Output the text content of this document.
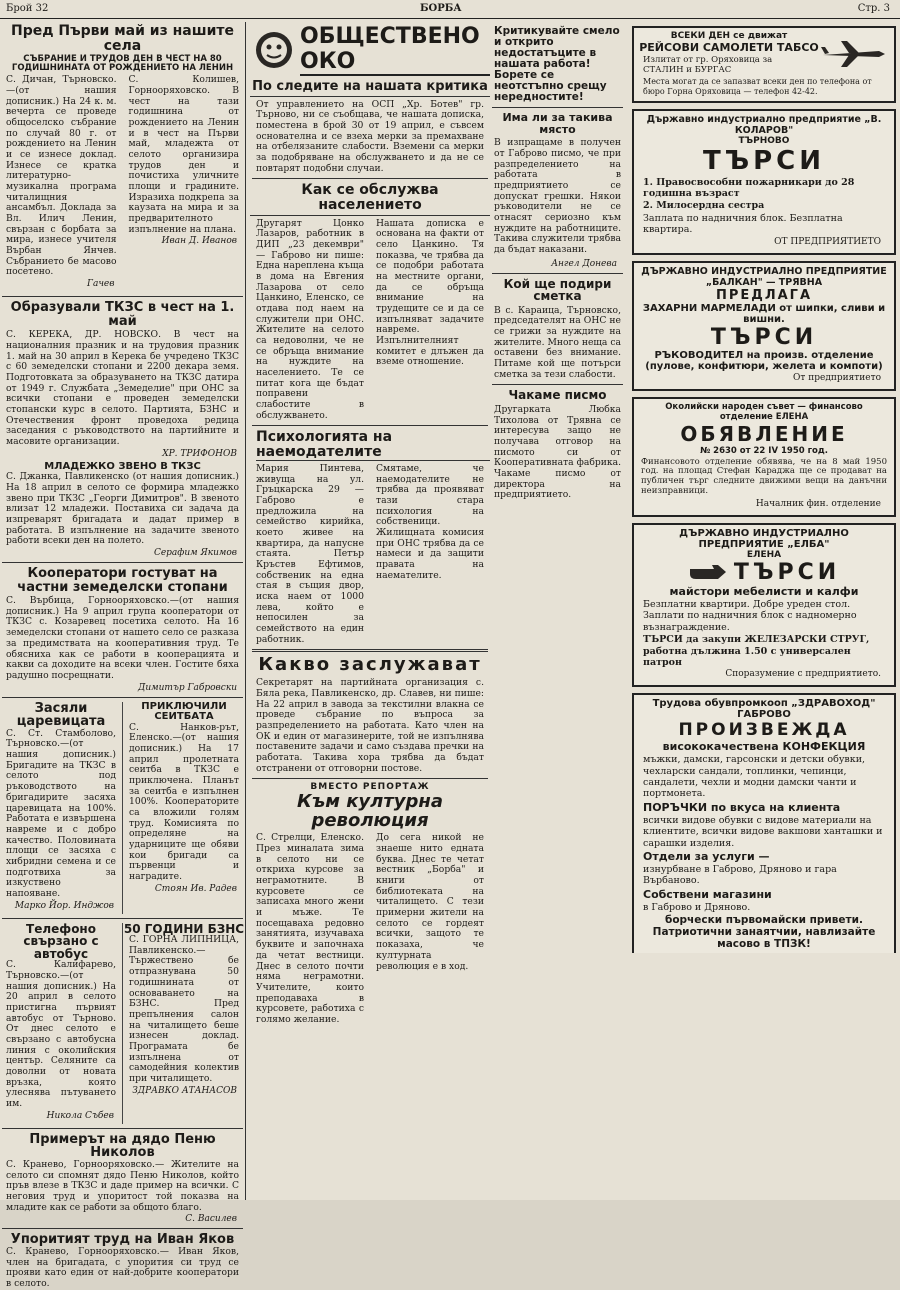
Брой 32	БОРБА	Стр. 3
Пред Първи май из нашите села
СЪБРАНИЕ И ТРУДОВ ДЕН В ЧЕСТ НА 80 ГОДИШНИНАТА ОТ РОЖДЕНИЕТО НА ЛЕНИН
С. Дичан, Търновско.—(от нашия дописник.) На 24 к. м. вечерта се проведе общоселско събрание по случай 80 г. от рождението на Ленин и се изнесе доклад. Изнесе се кратка литературно-музикална програма читалищния ансамбъл. Доклада за Вл. Илич Ленин, свързан с борбата за мира, изнесе учителя Върбан Янчев. Събранието бе масово посетено.
Гачев
С. Колишев, Горнооряховско. В чест на тази годишнина от рождението на Ленин и в чест на Първи май, младежта от селото организира трудов ден и почистиха уличните площи и градините. Изразиха подкрепа за каузата на мира и за предварителното изпълнение на плана.
Иван Д. Иванов
Образували ТКЗС в чест на 1. май
С. КЕРЕКА, ДР. НОВСКО. В чест на националния празник и на трудовия празник 1. май на 30 април в Керека бе учредено ТКЗС с 60 земеделски стопани и 2200 декара земя. Подготовката за образуването на ТКЗС датира от 1949 г. Службата „Земеделие" при ОНС за всички стопани е проведен земеделски стопански курс в селото. Партията, БЗНС и Отечествения фронт проведоха редица заседания с ръководството на партийните и масовите организации.
ХР. ТРИФОНОВ
МЛАДЕЖКО ЗВЕНО В ТКЗС
С. Джанка, Павликенско (от нашия дописник.) На 18 април в селото се формира младежко звено при ТКЗС „Георги Димитров". В звеното влизат 12 младежи. Поставиха си задача да изпреварят бригадата и дадат пример в работата. В изпълнение на задачите звеното работи всеки ден на полето.
Серафим Якимов
Кооператори гостуват на частни земеделски стопани
С. Върбица, Горнооряховско.—(от нашия дописник.) На 9 април група кооператори от ТКЗС с. Козаревец посетиха селото. На 16 земеделски стопани от нашето село се разказа за предимствата на кооперативния труд. Те обясниха как се работи в кооперацията и какви са доходите на всеки член. Гостите бяха радушно посрещнати.
Димитър Габровски
Засяли царевицата
С. Ст. Стамболово, Търновско.—(от нашия дописник.) Бригадите на ТКЗС в селото под ръководството на бригадирите засяха царевицата на 100%. Работата е извършена навреме и с добро качество. Половината площи се засяха с хибридни семена и се подготвиха за изкуствено напояване.
Марко Йор. Инджов
ПРИКЛЮЧИЛИ СЕИТБАТА
С. Нанков-рът, Еленско.—(от нашия дописник.) На 17 април пролетната сеитба в ТКЗС е приключена. Планът за сеитба е изпълнен 100%. Кооператорите са вложили голям труд. Комисията по определяне на ударниците ще обяви кои бригади са първенци и наградите.
Стоян Ив. Радев
Телефоно свързано с автобус
С. Калифарево, Търновско.—(от нашия дописник.) На 20 април в селото пристигна първият автобус от Търново. От днес селото е свързано с автобусна линия с околийския център. Селяните са доволни от новата връзка, която улеснява пътуването им.
Никола Събев
50 ГОДИНИ БЗНС
С. ГОРНА ЛИПНИЦА, Павликенско.— Тържествено бе отпразнувана 50 годишнината от основаването на БЗНС. Пред препълнения салон на читалището беше изнесен доклад. Програмата бе изпълнена от самодейния колектив при читалището.
ЗДРАВКО АТАНАСОВ
Примерът на дядо Пеню Николов
С. Кранево, Горнооряховско.— Жителите на селото си спомнят дядо Пеню Николов, който пръв влезе в ТКЗС и даде пример на всички. С неговия труд и упоритост той показва на младите как се работи за общото благо.
С. Василев
Упоритият труд на Иван Яков
С. Кранево, Горнооряховско.— Иван Яков, член на бригадата, с упорития си труд се прояви като един от най-добрите кооператори в селото.
ОБЩЕСТВЕНО ОКО
По следите на нашата критика
От управлението на ОСП „Хр. Ботев" гр. Търново, ни се съобщава, че нашата дописка, поместена в брой 30 от 19 април, е съвсем основателна и се взеха мерки за премахване на отбелязаните слабости. Вземени са мерки за подобряване на обслужването и да не се повтарят подобни случаи.
Как се обслужва населението
Другарят Цонко Лазаров, работник в ДИП „23 декември" — Габрово ни пише: Една нареплена къща в дома на Евгения Лазарова от село Цанкино, Еленско, се отдава под наем на служители при ОНС. Жителите на селото са недоволни, че не се обръща внимание на нуждите на населението. Те се питат кога ще бъдат поправени слабостите в обслужването.
Нашата дописка е основана на факти от село Цанкино. Тя показва, че трябва да се подобри работата на местните органи, да се обръща внимание на трудещите се и да се изпълняват задачите навреме. Изпълнителният комитет е длъжен да вземе отношение.
Психологията на наемодателите
Мария Пинтева, живуща на ул. Гръцкарска 29 — Габрово е предложила на семейство кирийка, което живее на квартира, да напусне стаята. Петър Кръстев Ефтимов, собственик на една стая в същия двор, иска наем от 1000 лева, който е непосилен за семейството на един работник.
Смятаме, че наемодателите не трябва да проявяват тази стара психология на собственици. Жилищната комисия при ОНС трябва да се намеси и да защити правата на наемателите.
Какво заслужават
Секретарят на партийната организация с. Бяла река, Павликенско, др. Славев, ни пише: На 22 април в завода за текстилни влакна се проведе събрание по въпроса за разпределението на работата. Като член на ОК и един от магазинерите, той не изпълнява поставените задачи и само създава пречки на работата. Такива хора трябва да бъдат отстранени от отговорни постове.
ВМЕСТО РЕПОРТАЖ
Към културна революция
С. Стрелци, Еленско. През миналата зима в селото ни се откриха курсове за неграмотните. В курсовете се записаха много жени и мъже. Те посещаваха редовно занятията, изучаваха буквите и започнаха да четат вестници. Днес в селото почти няма неграмотни. Учителите, които преподаваха в курсовете, работиха с голямо желание.
До сега никой не знаеше нито едната буква. Днес те четат вестник „Борба" и книги от библиотеката на читалището. С тези примерни жители на селото се гордеят всички, защото те показаха, че културната революция е в ход.
Критикувайте смело и открито недостатъците в нашата работа! Борете се неотстъпно срещу нередностите!
Има ли за такива място
В изпращаме в получен от Габрово писмо, че при разпределението на работата в предприятието се допускат грешки. Някои ръководители не се отнасят сериозно към нуждите на работниците. Такива служители трябва да бъдат наказани.
Ангел Донева
Кой ще подири сметка
В с. Караица, Търновско, председателят на ОНС не се грижи за нуждите на жителите. Много неща са оставени без внимание. Питаме кой ще потърси сметка за тези слабости.
Чакаме писмо
Другарката Любка Тихолова от Трявна се интересува защо не получава отговор на писмото си от Кооперативната фабрика. Чакаме писмо от директора на предприятието.
ВСЕКИ ДЕН се движат
РЕЙСОВИ САМОЛЕТИ ТАБСО
Излитат от гр. Оряховица за СТАЛИН и БУРГАС
Места могат да се запазват всеки ден по телефона от бюро Горна Оряховица — телефон 42-42.
Държавно индустриално предприятие „В. КОЛАРОВ"
ТЪРНОВО
ТЪРСИ
1. Правосвособни пожарникари до 28 годишна възраст
2. Милосердна сестра
Заплата по надничния блок. Безплатна квартира.
ОТ ПРЕДПРИЯТИЕТО
ДЪРЖАВНО ИНДУСТРИАЛНО ПРЕДПРИЯТИЕ „БАЛКАН" — ТРЯВНА
ПРЕДЛАГА
ЗАХАРНИ МАРМЕЛАДИ от шипки, сливи и вишни.
ТЪРСИ
РЪКОВОДИТЕЛ на произв. отделение (пулове, конфитюри, желета и компоти)
От предприятието
Околийски народен съвет — финансово отделение ЕЛЕНА
ОБЯВЛЕНИЕ
№ 2630 от 22 IV 1950 год.
Финансовото отделение обявява, че на 8 май 1950 год. на площад Стефан Караджа ще се продават на публичен търг следните движими вещи на данъчни неизправници.
Началник фин. отделение
ДЪРЖАВНО ИНДУСТРИАЛНО ПРЕДПРИЯТИЕ „ЕЛБА"
ЕЛЕНА
ТЪРСИ
майстори мебелисти и калфи
Безплатни квартири. Добре уреден стол. Заплати по надничния блок с надномерно възнаграждение.
ТЪРСИ да закупи ЖЕЛЕЗАРСКИ СТРУГ, работна дължина 1.50 с универсален патрон
Споразумение с предприятието.
Трудова обувпромкооп „ЗДРАВОХОД" ГАБРОВО
ПРОИЗВЕЖДА
висококачествена КОНФЕКЦИЯ
мъжки, дамски, гарсонски и детски обувки, чехларски сандали, топлинки, чепинци, сандалети, чехли и модни дамски чанти и портмонета.
ПОРЪЧКИ по вкуса на клиента
всички видове обувки с видове материали на клиентите, всички видове вакшови ханташки и сарашки изделия.
Отдели за услуги —
изнурбване в Габрово, Дряново и гара Върбаново.
Собствени магазини
в Габрово и Дряново.
борчески първомайски привети.
Патриотични занаятчии, навлизайте масово в ТПЗК!
